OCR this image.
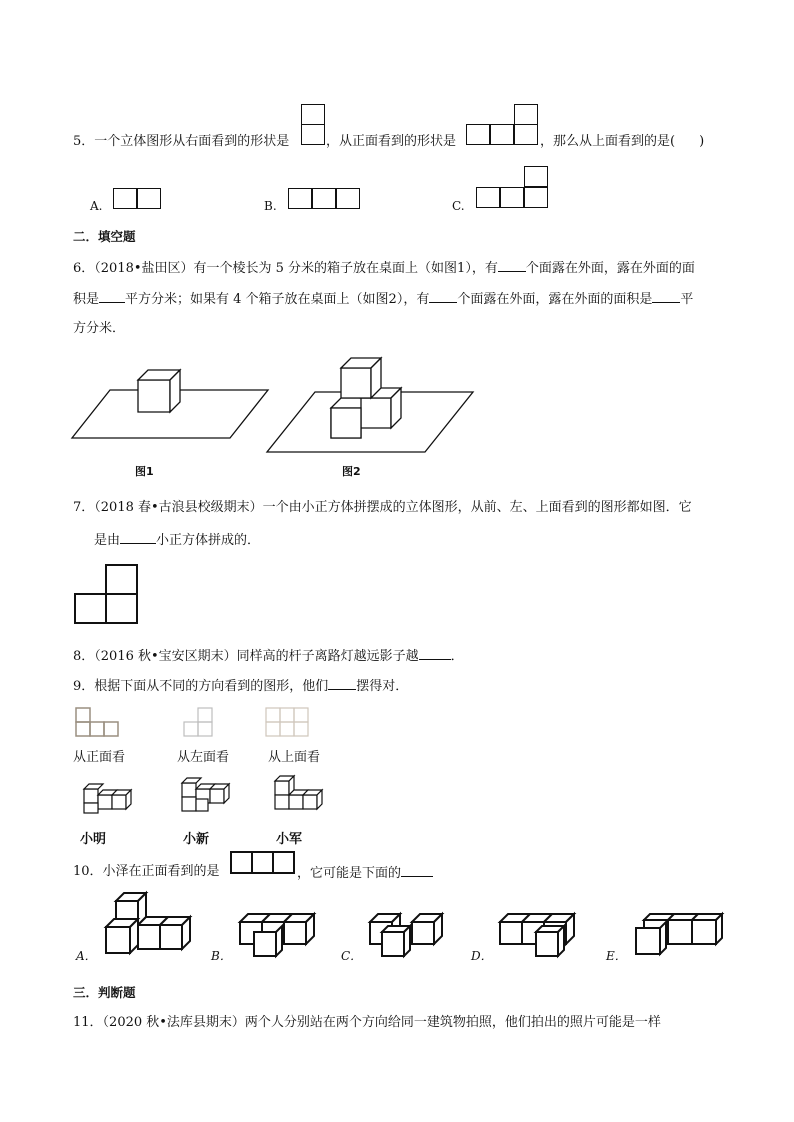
5．一个立体图形从右面看到的形状是	，从正面看到的形状是	，那么从上面看到的是( )
A.	B.	C.
二．填空题
6．（2018•盐田区）有一个棱长为 5 分米的箱子放在桌面上（如图1），有 个面露在外面，露在外面的面
积是 平方分米；如果有 4 个箱子放在桌面上（如图2），有 个面露在外面，露在外面的面积是 平
方分米．
图1	图2
7．（2018 春•古浪县校级期末）一个由小正方体拼摆成的立体图形，从前、左、上面看到的图形都如图．它
是由	小正方体拼成的．
8．（2016 秋•宝安区期末）同样高的杆子离路灯越远影子越 ．
9．根据下面从不同的方向看到的图形，他们 摆得对．
从正面看	从左面看	从上面看
小明	小新	小军
10．小泽在正面看到的是	，它可能是下面的
A．	B．	C．	D．	E．
三．判断题
11．（2020 秋•法库县期末）两个人分别站在两个方向给同一建筑物拍照，他们拍出的照片可能是一样
